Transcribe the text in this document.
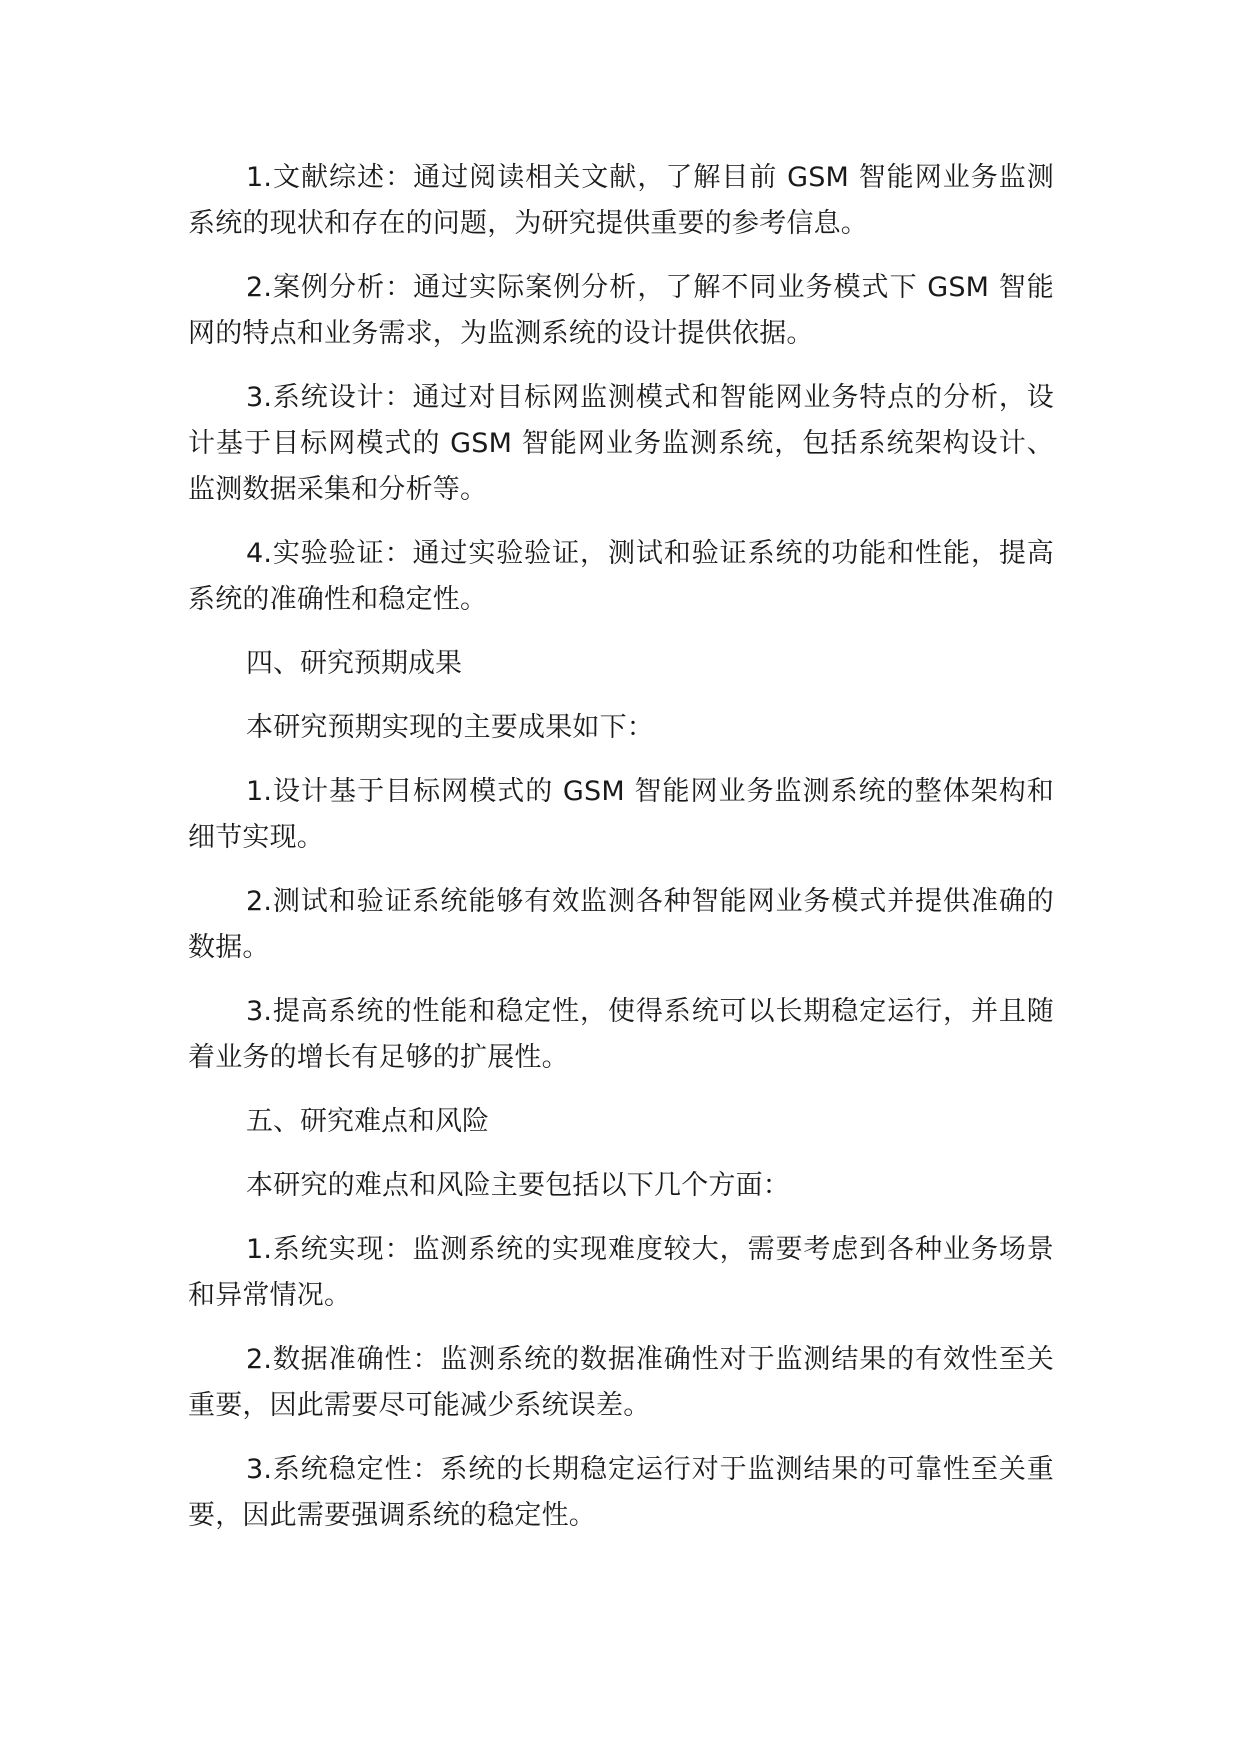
1.文献综述：通过阅读相关文献，了解目前 GSM 智能网业务监测系统的现状和存在的问题，为研究提供重要的参考信息。

2.案例分析：通过实际案例分析，了解不同业务模式下 GSM 智能网的特点和业务需求，为监测系统的设计提供依据。

3.系统设计：通过对目标网监测模式和智能网业务特点的分析，设计基于目标网模式的 GSM 智能网业务监测系统，包括系统架构设计、监测数据采集和分析等。

4.实验验证：通过实验验证，测试和验证系统的功能和性能，提高系统的准确性和稳定性。

四、研究预期成果

本研究预期实现的主要成果如下：

1.设计基于目标网模式的 GSM 智能网业务监测系统的整体架构和细节实现。

2.测试和验证系统能够有效监测各种智能网业务模式并提供准确的数据。

3.提高系统的性能和稳定性，使得系统可以长期稳定运行，并且随着业务的增长有足够的扩展性。

五、研究难点和风险

本研究的难点和风险主要包括以下几个方面：

1.系统实现：监测系统的实现难度较大，需要考虑到各种业务场景和异常情况。

2.数据准确性：监测系统的数据准确性对于监测结果的有效性至关重要，因此需要尽可能减少系统误差。

3.系统稳定性：系统的长期稳定运行对于监测结果的可靠性至关重要，因此需要强调系统的稳定性。
